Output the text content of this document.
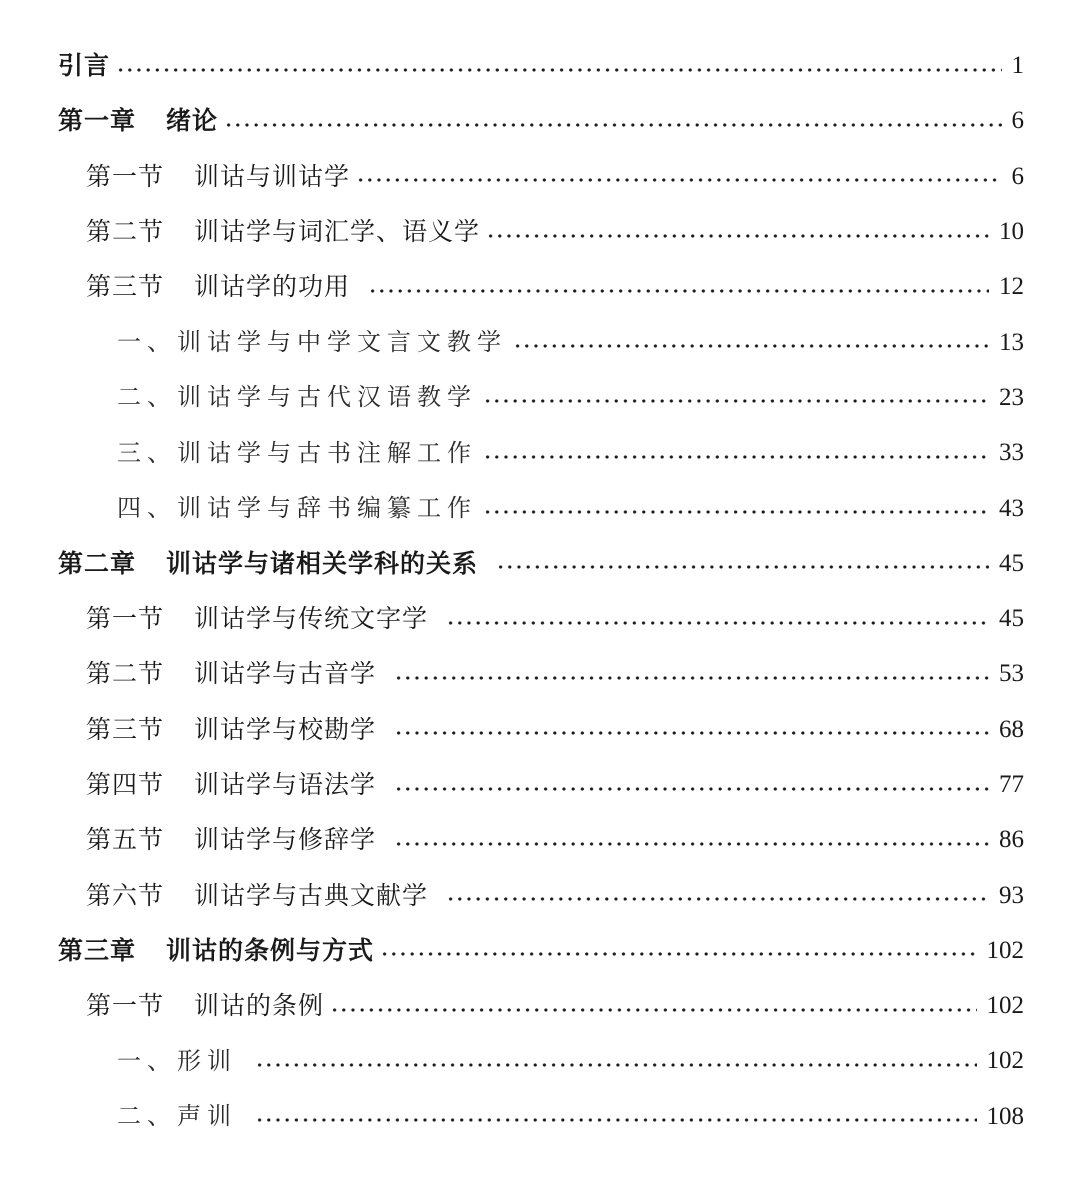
引言	1
第一章 绪论	6
第一节 训诂与训诂学	6
第二节 训诂学与词汇学、语义学	10
第三节 训诂学的功用	12
一、训诂学与中学文言文教学	13
二、训诂学与古代汉语教学	23
三、训诂学与古书注解工作	33
四、训诂学与辞书编纂工作	43
第二章 训诂学与诸相关学科的关系	45
第一节 训诂学与传统文字学	45
第二节 训诂学与古音学	53
第三节 训诂学与校勘学	68
第四节 训诂学与语法学	77
第五节 训诂学与修辞学	86
第六节 训诂学与古典文献学	93
第三章 训诂的条例与方式	102
第一节 训诂的条例	102
一、形训	102
二、声训	108
